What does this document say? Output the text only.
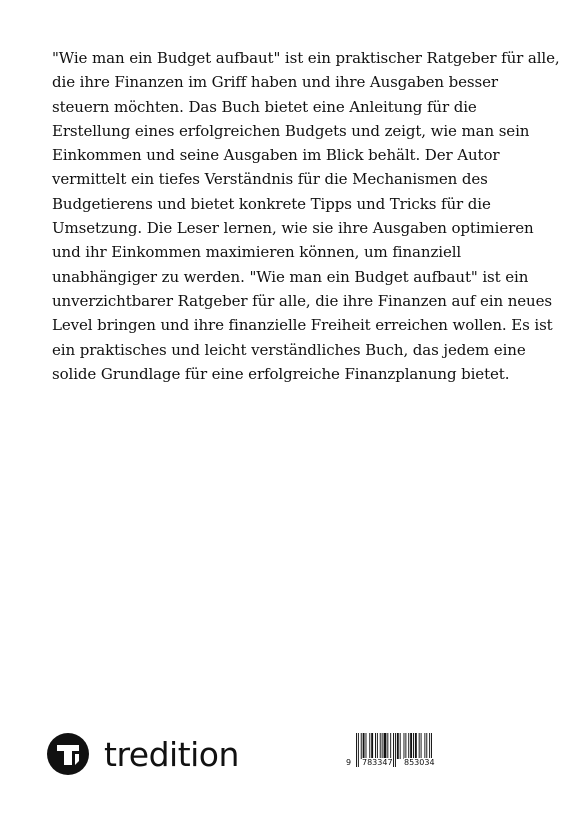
"Wie man ein Budget aufbaut" ist ein praktischer Ratgeber für alle,
die ihre Finanzen im Griff haben und ihre Ausgaben besser
steuern möchten. Das Buch bietet eine Anleitung für die
Erstellung eines erfolgreichen Budgets und zeigt, wie man sein
Einkommen und seine Ausgaben im Blick behält. Der Autor
vermittelt ein tiefes Verständnis für die Mechanismen des
Budgetierens und bietet konkrete Tipps und Tricks für die
Umsetzung. Die Leser lernen, wie sie ihre Ausgaben optimieren
und ihr Einkommen maximieren können, um finanziell
unabhängiger zu werden. "Wie man ein Budget aufbaut" ist ein
unverzichtbarer Ratgeber für alle, die ihre Finanzen auf ein neues
Level bringen und ihre finanzielle Freiheit erreichen wollen. Es ist
ein praktisches und leicht verständliches Buch, das jedem eine
solide Grundlage für eine erfolgreiche Finanzplanung bietet.
tredition	9 783347 853034
